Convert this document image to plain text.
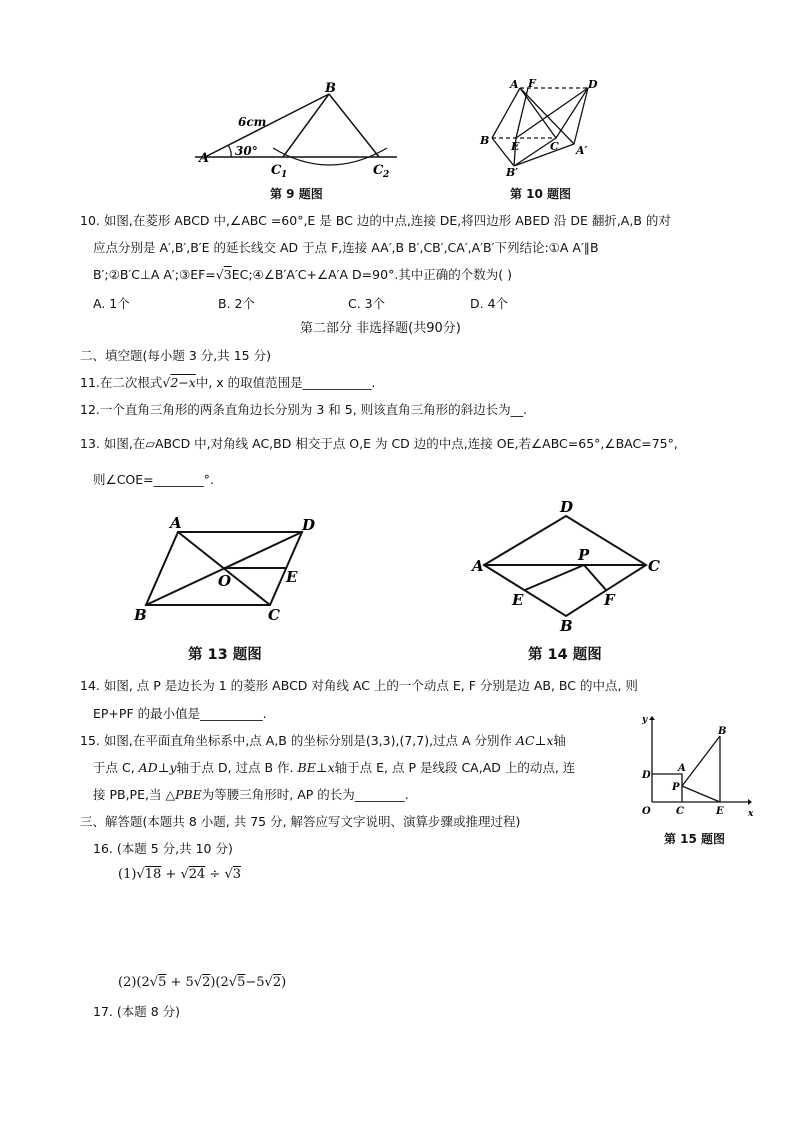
A
B
6cm
30°
C 1	C 2
第 9 题图
A F	D
B E	C A′
B′
第 10 题图
10. 如图,在菱形 ABCD 中,∠ABC =60°,E 是 BC 边的中点,连接 DE,将四边形 ABED 沿 DE 翻折,A,B 的对
应点分别是 A′,B′,B′E 的延长线交 AD 于点 F,连接 AA′,B B′,CB′,CA′,A′B′下列结论:①A A′∥B
B′;②B′C⊥A A′;③EF=√3EC;④∠B′A′C+∠A′A D=90°.其中正确的个数为( )
A. 1个	B. 2个	C. 3个	D. 4个
第二部分 非选择题(共90分)
二、填空题(每小题 3 分,共 15 分)
11.在二次根式√2−x中, x 的取值范围是___________.
12.一个直角三角形的两条直角边长分别为 3 和 5, 则该直角三角形的斜边长为__.
13. 如图,在▱ABCD 中,对角线 AC,BD 相交于点 O,E 为 CD 边的中点,连接 OE,若∠ABC=65°,∠BAC=75°,
则∠COE=________°.
A	D
B	C
O	E
第 13 题图
D
A	C
P
E	F
B
第 14 题图
14. 如图, 点 P 是边长为 1 的菱形 ABCD 对角线 AC 上的一个动点 E, F 分别是边 AB, BC 的中点, 则
EP+PF 的最小值是__________.
15. 如图,在平面直角坐标系中,点 A,B 的坐标分别是(3,3),(7,7),过点 A 分别作 AC⊥x轴
于点 C, AD⊥y轴于点 D, 过点 B 作. BE⊥x轴于点 E, 点 P 是线段 CA,AD 上的动点, 连
接 PB,PE,当 △PBE为等腰三角形时, AP 的长为________.
y
x
O
D
A
B
P
C	E
第 15 题图
三、解答题(本题共 8 小题, 共 75 分, 解答应写文字说明、演算步骤或推理过程)
16. (本题 5 分,共 10 分)
(1)√18 + √24 ÷ √3
(2)(2√5 + 5√2)(2√5−5√2)
17. (本题 8 分)
